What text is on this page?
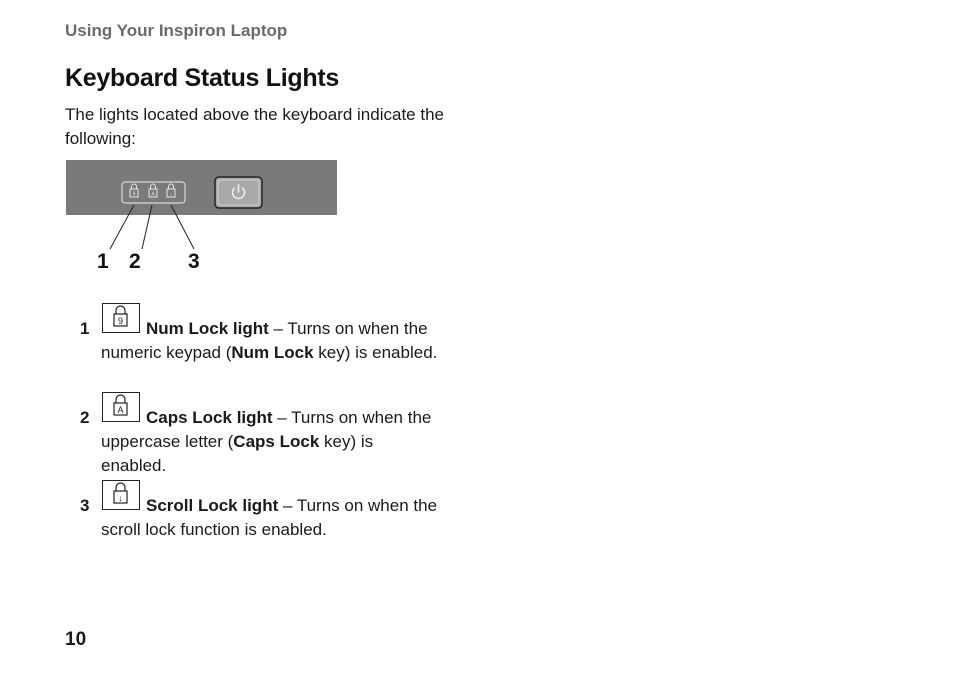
Using Your Inspiron Laptop
Keyboard Status Lights
The lights located above the keyboard indicate the following:
9	A	↓
1 2 3
1	9	Num Lock light – Turns on when the numeric keypad (Num Lock key) is enabled.
2	A	Caps Lock light – Turns on when the uppercase letter (Caps Lock key) is enabled.
3	↓	Scroll Lock light – Turns on when the scroll lock function is enabled.
10
